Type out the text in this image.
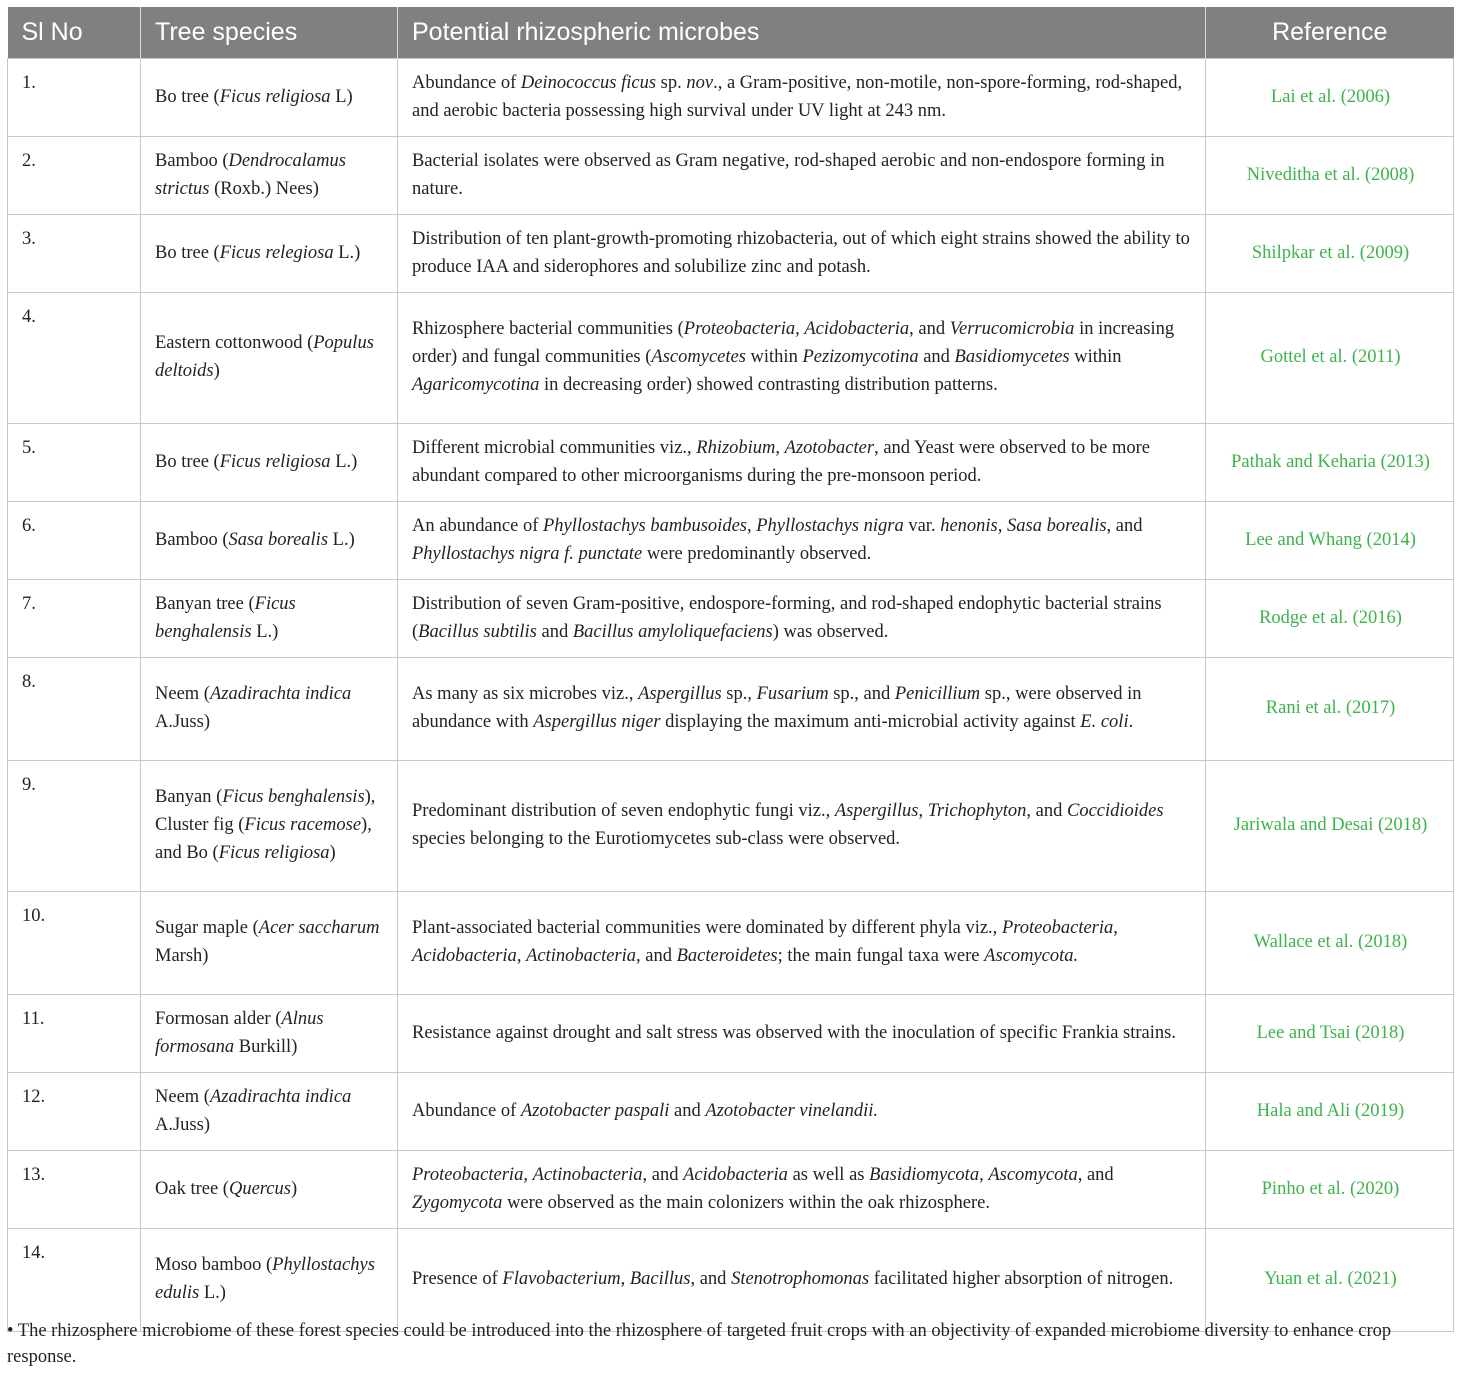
Sl No	Tree species	Potential rhizospheric microbes	Reference
1.	Bo tree (Ficus religiosa L)	Abundance of Deinococcus ficus sp. nov., a Gram-positive, non-motile, non-spore-forming, rod-shaped, and aerobic bacteria possessing high survival under UV light at 243 nm.	Lai et al. (2006)
2.	Bamboo (Dendrocalamus strictus (Roxb.) Nees)	Bacterial isolates were observed as Gram negative, rod-shaped aerobic and non-endospore forming in nature.	Niveditha et al. (2008)
3.	Bo tree (Ficus relegiosa L.)	Distribution of ten plant-growth-promoting rhizobacteria, out of which eight strains showed the ability to produce IAA and siderophores and solubilize zinc and potash.	Shilpkar et al. (2009)
4.	Eastern cottonwood (Populus deltoids)	Rhizosphere bacterial communities (Proteobacteria, Acidobacteria, and Verrucomicrobia in increasing order) and fungal communities (Ascomycetes within Pezizomycotina and Basidiomycetes within Agaricomycotina in decreasing order) showed contrasting distribution patterns.	Gottel et al. (2011)
5.	Bo tree (Ficus religiosa L.)	Different microbial communities viz., Rhizobium, Azotobacter, and Yeast were observed to be more abundant compared to other microorganisms during the pre-monsoon period.	Pathak and Keharia (2013)
6.	Bamboo (Sasa borealis L.)	An abundance of Phyllostachys bambusoides, Phyllostachys nigra var. henonis, Sasa borealis, and Phyllostachys nigra f. punctate were predominantly observed.	Lee and Whang (2014)
7.	Banyan tree (Ficus benghalensis L.)	Distribution of seven Gram-positive, endospore-forming, and rod-shaped endophytic bacterial strains (Bacillus subtilis and Bacillus amyloliquefaciens) was observed.	Rodge et al. (2016)
8.	Neem (Azadirachta indica A.Juss)	As many as six microbes viz., Aspergillus sp., Fusarium sp., and Penicillium sp., were observed in abundance with Aspergillus niger displaying the maximum anti-microbial activity against E. coli.	Rani et al. (2017)
9.	Banyan (Ficus benghalensis), Cluster fig (Ficus racemose), and Bo (Ficus religiosa)	Predominant distribution of seven endophytic fungi viz., Aspergillus, Trichophyton, and Coccidioides species belonging to the Eurotiomycetes sub-class were observed.	Jariwala and Desai (2018)
10.	Sugar maple (Acer saccharum Marsh)	Plant-associated bacterial communities were dominated by different phyla viz., Proteobacteria, Acidobacteria, Actinobacteria, and Bacteroidetes; the main fungal taxa were Ascomycota.	Wallace et al. (2018)
11.	Formosan alder (Alnus formosana Burkill)	Resistance against drought and salt stress was observed with the inoculation of specific Frankia strains.	Lee and Tsai (2018)
12.	Neem (Azadirachta indica A.Juss)	Abundance of Azotobacter paspali and Azotobacter vinelandii.	Hala and Ali (2019)
13.	Oak tree (Quercus)	Proteobacteria, Actinobacteria, and Acidobacteria as well as Basidiomycota, Ascomycota, and Zygomycota were observed as the main colonizers within the oak rhizosphere.	Pinho et al. (2020)
14.	Moso bamboo (Phyllostachys edulis L.)	Presence of Flavobacterium, Bacillus, and Stenotrophomonas facilitated higher absorption of nitrogen.	Yuan et al. (2021)
• The rhizosphere microbiome of these forest species could be introduced into the rhizosphere of targeted fruit crops with an objectivity of expanded microbiome diversity to enhance crop response.
